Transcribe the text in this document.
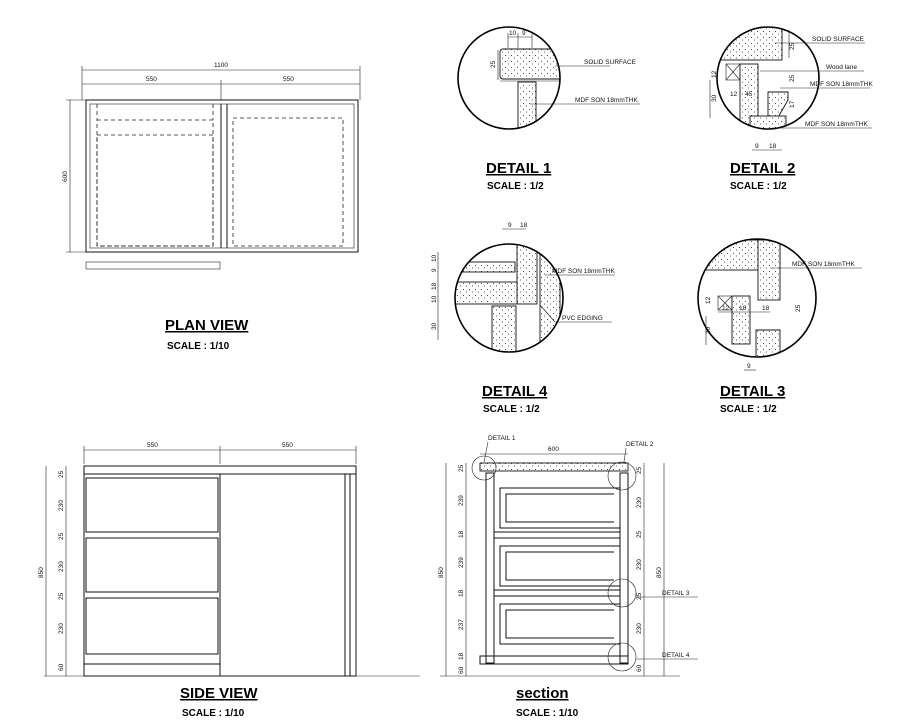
1100
550	550
600
PLAN VIEW
SCALE : 1/10
10 9
25	SOLID SURFACE
MDF SON 18mmTHK
DETAIL 1
SCALE : 1/2
SOLID SURFACE
Wood lane
MDF SON 18mmTHK
MDF SON 18mmTHK
25
12
25
30
12 45
17
9 18
DETAIL 2
SCALE : 1/2
9 18
10
9
18
10
30
MDF SON 18mmTHK
PVC EDGING
DETAIL 4
SCALE : 1/2
MDF SON 18mmTHK
12
12 18 18	25
30
9
DETAIL 3
SCALE : 1/2
550	550
850
25
230
25
230
25
230
60
SIDE VIEW
SCALE : 1/10
DETAIL 1
DETAIL 2
600
DETAIL 3
DETAIL 4
850
25
239
18
239
18
237
18
60
850
25
230
25
230
25
230
60
section
SCALE : 1/10
